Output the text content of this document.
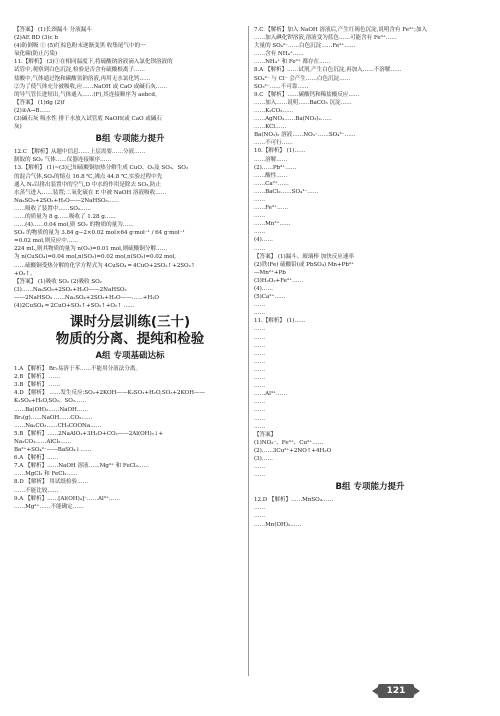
【答案】 (1)长颈漏斗 分液漏斗
(2)AE BD (3)c b
(4)防倒吸 ① (5)红棕色粉末逐渐变黑 收集尾气中的一
氧化碳(防止污染)
11.【解析】 (3)①在相同温度下,将硫酸钠溶液滴入氯化钡溶液的
试管中,观察到白色沉淀,检验是否含有硫酸根离子……
盐酸中,气体通过饱和碳酸氢钠溶液,再用无水氯化钙……
②为了使气体充分被吸收,应……NaOH 或 CaO 或碱石灰……
的导气管长进短出,气体通入……(F),其连接顺序为 aebcd。
【答案】 (1)dg (2)f
(2)②A→B……
(3)碱石灰 吸水性 排干水放入试管底 NaOH(或 CaO 或碱石
灰)
B组 专项能力提升
12.C 【解析】从题中信息……上层需要……分液……
制取的 SO₂ 气体……仪器连接顺序……
13.【解析】 (1)~(3)已知硫酸铜加热分解生成 CuO、O₂及 SO₃、SO₂
的混合气体,SO₃的熔点 16.8 ℃,沸点 44.8 ℃,实验过程中先
通入 N₂以排出装置中的空气,D 中水的作用是除去 SO₃,防止
水蒸气进入……装置;二氧化硫在 E 中被 NaOH 溶液吸收……
Na₂SO₃+2SO₂+H₂O——2NaHSO₃……
……吸收了装置中……SO₂……
……的质量为 8 g……吸收了 1.28 g……
……(4)……0.04 mol,则 SO₂ 的物质的量为……
SO₂ 的物质的量为 3.84 g−2×0.02 mol×64 g·mol⁻¹ / 64 g·mol⁻¹
=0.02 mol,则反应中……
224 mL,则其物质的量为 n(O₂)=0.01 mol,则硫酸铜分解……
为 n(CuSO₄)=0.04 mol,n(SO₂)=0.02 mol,n(SO₃)=0.02 mol,
……硫酸铜受热分解的化学方程式为 4CuSO₄ ═ 4CuO+2SO₃↑+2SO₂↑
+O₂↑。
【答案】 (1)吸收 SO₃ (2)吸收 SO₂
(3)……Na₂SO₃+2SO₂+H₂O——2NaHSO₃
——2NaHSO₃ ……Na₂SO₄+2SO₂+H₂O——……+H₂O
(4)2CuSO₄ ═ 2CuO+SO₂↑+SO₃↑+O₂↑ ……
课时分层训练(三十)
物质的分离、提纯和检验
A组 专项基础达标
1.A 【解析】 Br₂易溶于苯……不能用分液法分离。
2.B 【解析】 ……
3.B 【解析】 ……
4.D 【解析】 ……发生反应:SO₂+2KOH——K₂SO₃+H₂O,SO₃+2KOH——
K₂SO₄+H₂O,SO₂、SO₃……
……Ba(OH)₂……NaOH……
Br₂(g)……NaOH……CO₂……
……Na₂CO₃……CH₃COONa……
5.B 【解析】……2NaAlO₂+3H₂O+CO₂——2Al(OH)₃↓+
Na₂CO₃……AlCl₃……
Ba²⁺+SO₄²⁻——BaSO₄↓……
6.A 【解析】……
7.A 【解析】……NaOH 溶液……Mg²⁺ 和 FeCl₃……
……MgCl₂ 和 FeCl₂……
8.D 【解析】 用试纸检验……
……不能比较……
9.A 【解析】……[Al(OH)₄]⁻……Al³⁺……
……Mg²⁺……不能确定……
7.C 【解析】加入 NaOH 溶液后,产生红褐色沉淀,说明含有 Fe³⁺;加入
……加入碘化钾溶液,溶液变为蓝色……可能含有 Fe³⁺……
大量的 SO₄²⁻……白色沉淀……Fe²⁺……
……含有 NH₄⁺……
……NH₄⁺ 和 Fe²⁺ 都存在……
8.A 【解析】……试剂,产生白色沉淀,再加入……不溶解……
SO₄²⁻ 与 Cl⁻ 会产生……白色沉淀……
SO₃²⁻……不可靠……
9.C 【解析】……碳酸钙和稀盐酸反应……
……加入……说明……BaCO₃ 沉淀……
……K₂CO₃……
……AgNO₃……Ba(NO₃)₂……
……KCl……
Ba(NO₃)₂ 溶液……NO₃⁻……SO₄²⁻……
……不可行……
10.【解析】 (1)……
……溶解……
(2)……Pb²⁺……
……酸性……
……Ca²⁺……
……BaCl₂……SO₄²⁻……
……
……Fe²⁺……
……
……Mn²⁺……
……
(4)……
……
【答案】 (1)漏斗、玻璃棒 加快反应速率
(2)铁(Fe) 硫酸铅(或 PbSO₄) Mn+Pb²⁺
—Mn²⁺+Pb
(3)H₂O₂+Fe²⁺……
(4)……
(5)Ca²⁺……
……
……
11.【解析】 (1)……
……
……
……
……
……
……
……
……
……Al³⁺……
……
……
……
……
【答案】
(1)NO₃⁻、Fe³⁺、Cu²⁺……
(2)……3Cu²⁺+2NO↑+4H₂O
(3)……
……
……
B组 专项能力提升
12.D 【解析】……MnSO₄……
……
……
……Mn(OH)₂……
121
